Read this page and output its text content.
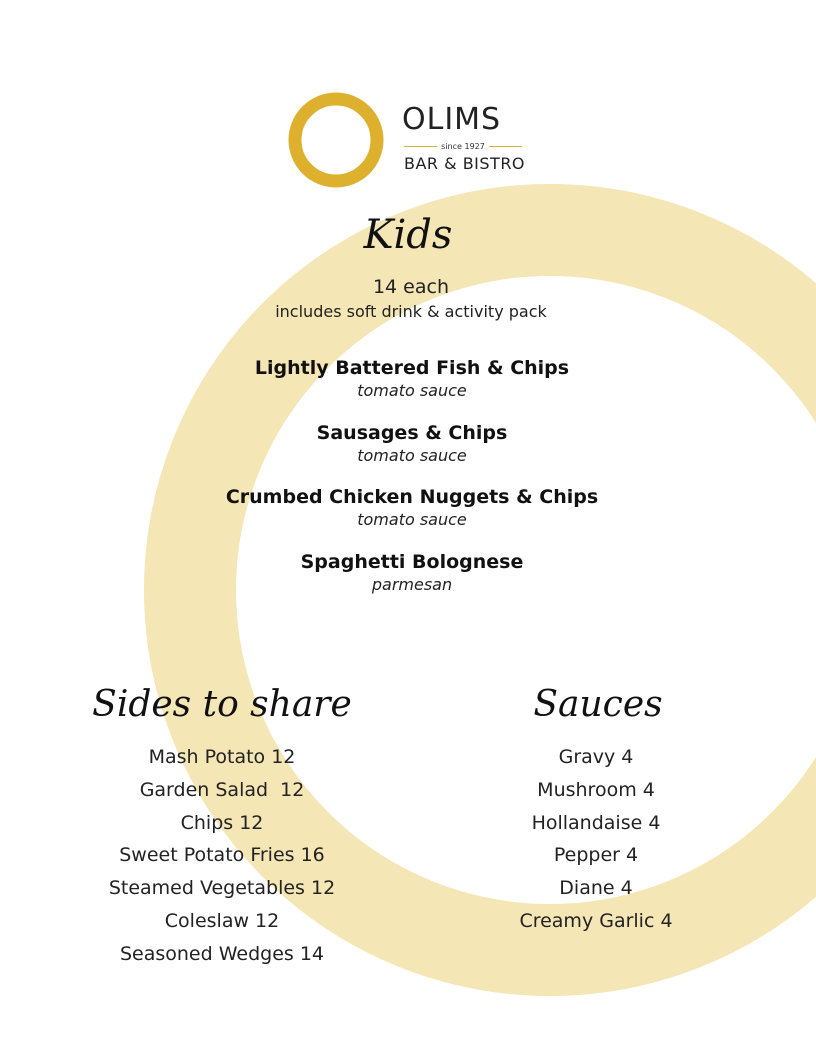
OLIMS
since 1927
BAR & BISTRO
Kids
14 each
includes soft drink & activity pack
Lightly Battered Fish & Chips
tomato sauce
Sausages & Chips
tomato sauce
Crumbed Chicken Nuggets & Chips
tomato sauce
Spaghetti Bolognese
parmesan
Sides to share
Mash Potato 12
Garden Salad  12
Chips 12
Sweet Potato Fries 16
Steamed Vegetables 12
Coleslaw 12
Seasoned Wedges 14
Sauces
Gravy 4
Mushroom 4
Hollandaise 4
Pepper 4
Diane 4
Creamy Garlic 4
